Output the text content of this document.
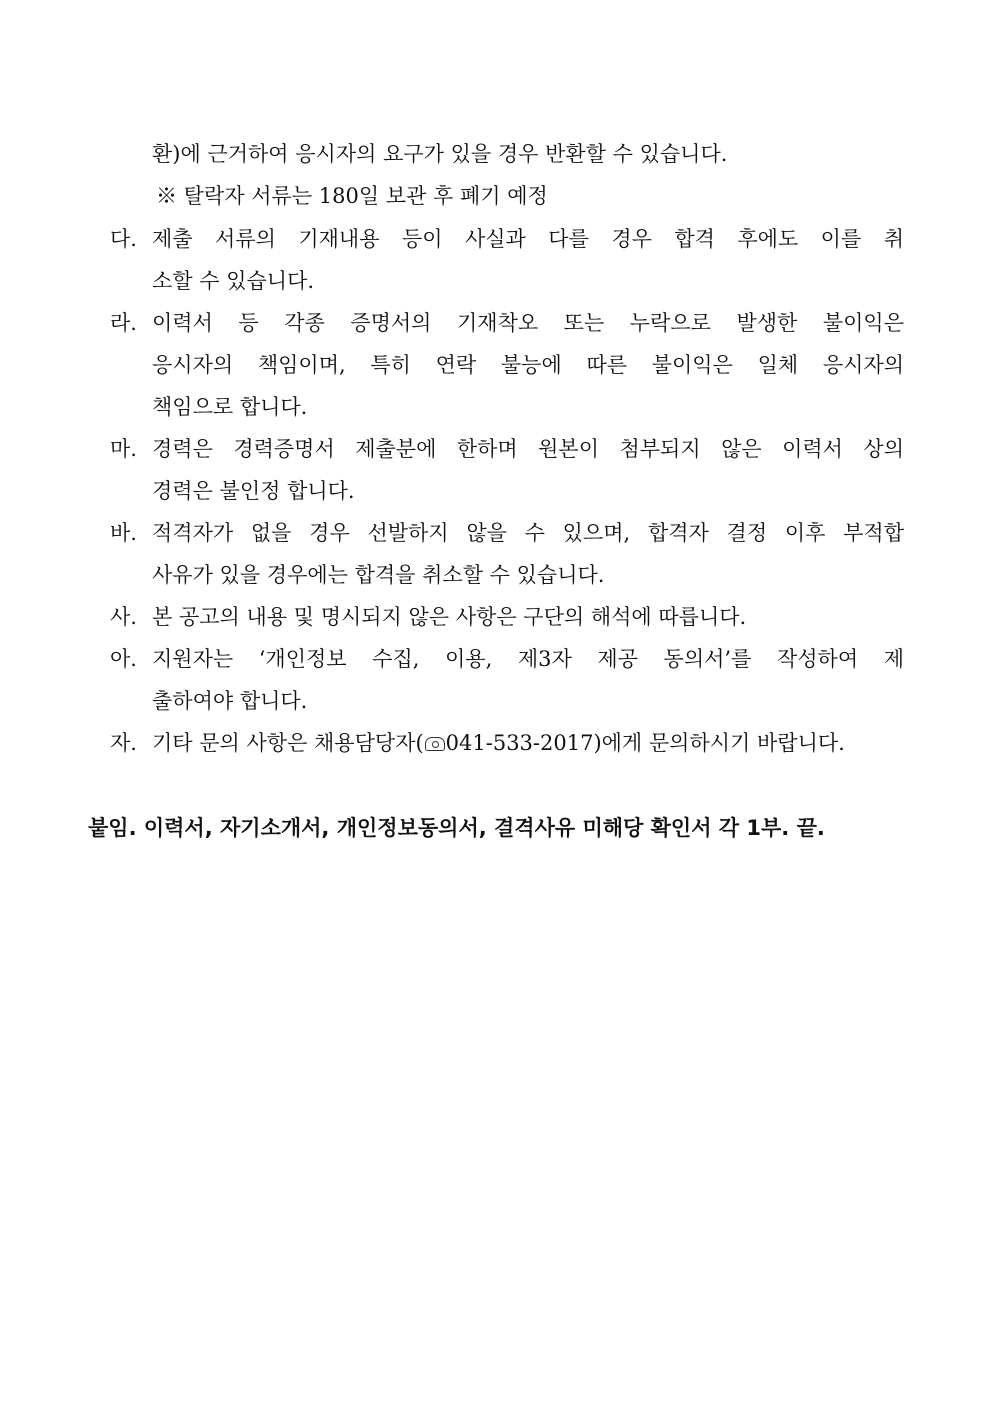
환)에 근거하여 응시자의 요구가 있을 경우 반환할 수 있습니다.
※ 탈락자 서류는 180일 보관 후 폐기 예정
다. 제출 서류의 기재내용 등이 사실과 다를 경우 합격 후에도 이를 취
소할 수 있습니다.
라. 이력서 등 각종 증명서의 기재착오 또는 누락으로 발생한 불이익은
응시자의 책임이며, 특히 연락 불능에 따른 불이익은 일체 응시자의
책임으로 합니다.
마. 경력은 경력증명서 제출분에 한하며 원본이 첨부되지 않은 이력서 상의
경력은 불인정 합니다.
바. 적격자가 없을 경우 선발하지 않을 수 있으며, 합격자 결정 이후 부적합
사유가 있을 경우에는 합격을 취소할 수 있습니다.
사. 본 공고의 내용 및 명시되지 않은 사항은 구단의 해석에 따릅니다.
아. 지원자는 ‘개인정보 수집, 이용, 제3자 제공 동의서’를 작성하여 제
출하여야 합니다.
자. 기타 문의 사항은 채용담당자( 041-533-2017)에게 문의하시기 바랍니다.
붙임. 이력서, 자기소개서, 개인정보동의서, 결격사유 미해당 확인서 각 1부. 끝.
